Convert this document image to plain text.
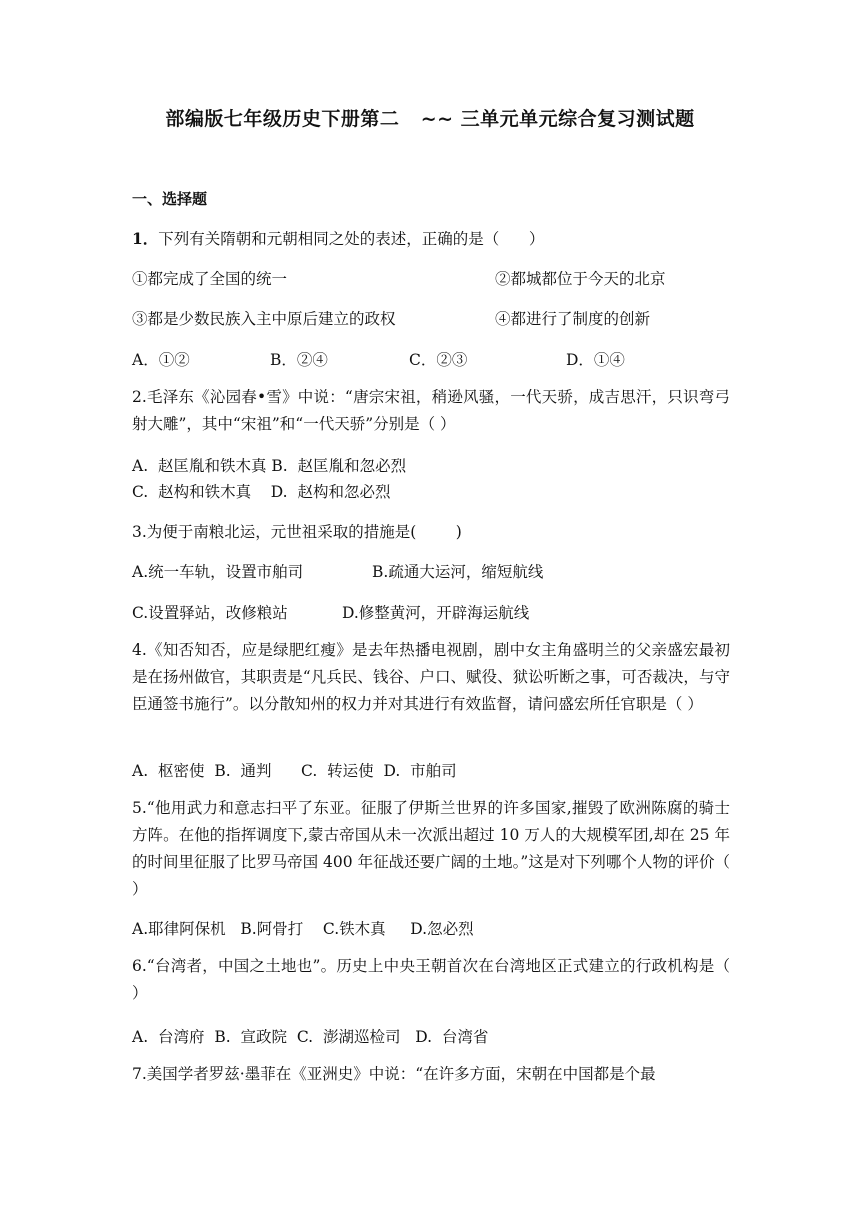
部编版七年级历史下册第二   ~~ 三单元单元综合复习测试题
一、选择题
1．下列有关隋朝和元朝相同之处的表述，正确的是（      ）
①都完成了全国的统一	②都城都位于今天的北京
③都是少数民族入主中原后建立的政权	④都进行了制度的创新
A．①②	B．②④	C．②③	D．①④
2.毛泽东《沁园春•雪》中说：“唐宗宋祖，稍逊风骚，一代天骄，成吉思汗，只识弯弓射大雕”，其中“宋祖”和“一代天骄”分别是（ ）
A.  赵匡胤和铁木真 B.  赵匡胤和忽必烈
C.  赵构和铁木真    D.  赵构和忽必烈
3.为便于南粮北运，元世祖采取的措施是(        )
A.统一车轨，设置市舶司	B.疏通大运河，缩短航线
C.设置驿站，改修粮站	D.修整黄河，开辟海运航线
4.《知否知否，应是绿肥红瘦》是去年热播电视剧，剧中女主角盛明兰的父亲盛宏最初是在扬州做官，其职责是“凡兵民、钱谷、户口、赋役、狱讼听断之事，可否裁决，与守臣通签书施行”。以分散知州的权力并对其进行有效监督，请问盛宏所任官职是（ ）
A.  枢密使  B.  通判      C.  转运使  D.  市舶司
5.“他用武力和意志扫平了东亚。征服了伊斯兰世界的许多国家,摧毁了欧洲陈腐的骑士方阵。在他的指挥调度下,蒙古帝国从未一次派出超过 10 万人的大规模军团,却在 25 年的时间里征服了比罗马帝国 400 年征战还要广阔的土地。”这是对下列哪个人物的评价（ ）
A.耶律阿保机   B.阿骨打    C.铁木真     D.忽必烈
6.“台湾者，中国之土地也”。历史上中央王朝首次在台湾地区正式建立的行政机构是（ ）
A.  台湾府  B.  宣政院  C.  澎湖巡检司   D.  台湾省
7.美国学者罗兹·墨菲在《亚洲史》中说：“在许多方面，宋朝在中国都是个最
